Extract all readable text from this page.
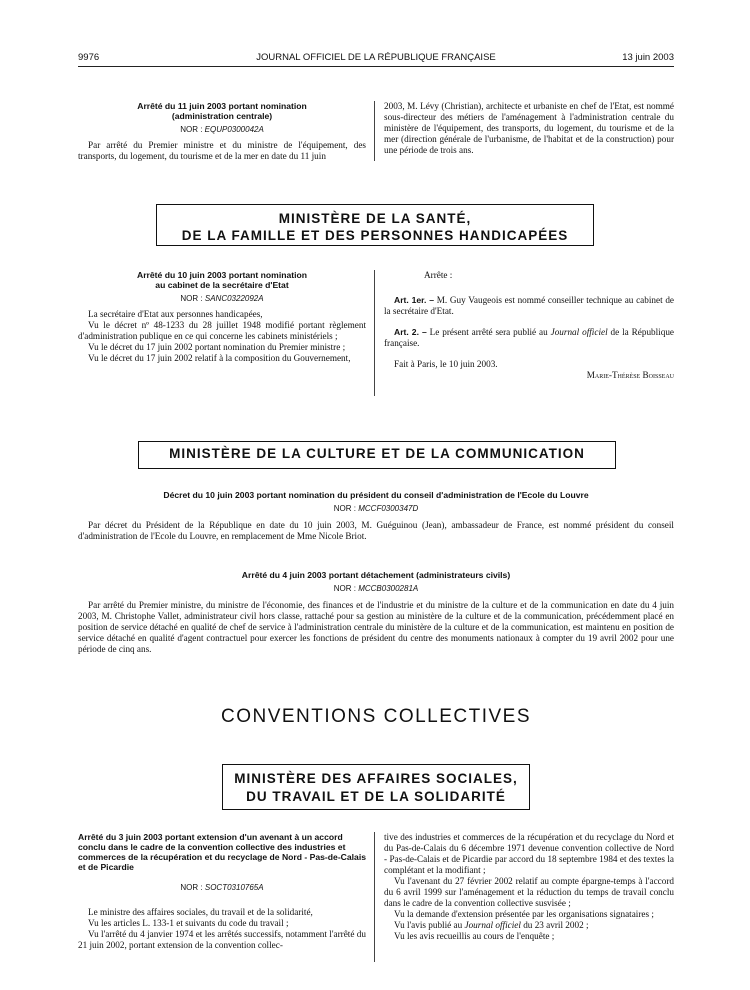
9976	JOURNAL OFFICIEL DE LA RÉPUBLIQUE FRANÇAISE	13 juin 2003
Arrêté du 11 juin 2003 portant nomination (administration centrale)
NOR : EQUP0300042A

Par arrêté du Premier ministre et du ministre de l'équipement, des transports, du logement, du tourisme et de la mer en date du 11 juin

2003, M. Lévy (Christian), architecte et urbaniste en chef de l'Etat, est nommé sous-directeur des métiers de l'aménagement à l'administration centrale du ministère de l'équipement, des transports, du logement, du tourisme et de la mer (direction générale de l'urbanisme, de l'habitat et de la construction) pour une période de trois ans.

MINISTÈRE DE LA SANTÉ,
DE LA FAMILLE ET DES PERSONNES HANDICAPÉES
Arrêté du 10 juin 2003 portant nomination
au cabinet de la secrétaire d'Etat
NOR : SANC0322092A

La secrétaire d'Etat aux personnes handicapées,

Vu le décret nº 48-1233 du 28 juillet 1948 modifié portant règlement d'administration publique en ce qui concerne les cabinets ministériels ;

Vu le décret du 17 juin 2002 portant nomination du Premier ministre ;

Vu le décret du 17 juin 2002 relatif à la composition du Gouvernement,

Arrête :

Art. 1er. – M. Guy Vaugeois est nommé conseiller technique au cabinet de la secrétaire d'Etat.

Art. 2. – Le présent arrêté sera publié au Journal officiel de la République française.

Fait à Paris, le 10 juin 2003.

Marie-Thérèse Boisseau

MINISTÈRE DE LA CULTURE ET DE LA COMMUNICATION
Décret du 10 juin 2003 portant nomination du président du conseil d'administration de l'Ecole du Louvre
NOR : MCCF0300347D

Par décret du Président de la République en date du 10 juin 2003, M. Guéguinou (Jean), ambassadeur de France, est nommé président du conseil d'administration de l'Ecole du Louvre, en remplacement de Mme Nicole Briot.

Arrêté du 4 juin 2003 portant détachement (administrateurs civils)
NOR : MCCB0300281A

Par arrêté du Premier ministre, du ministre de l'économie, des finances et de l'industrie et du ministre de la culture et de la communication en date du 4 juin 2003, M. Christophe Vallet, administrateur civil hors classe, rattaché pour sa gestion au ministère de la culture et de la communication, précédemment placé en position de service détaché en qualité de chef de service à l'administration centrale du ministère de la culture et de la communication, est maintenu en position de service détaché en qualité d'agent contractuel pour exercer les fonctions de président du centre des monuments nationaux à compter du 19 avril 2002 pour une période de cinq ans.

CONVENTIONS COLLECTIVES
MINISTÈRE DES AFFAIRES SOCIALES,
DU TRAVAIL ET DE LA SOLIDARITÉ
Arrêté du 3 juin 2003 portant extension d'un avenant à un accord conclu dans le cadre de la convention collective des industries et commerces de la récupération et du recyclage de Nord - Pas-de-Calais et de Picardie
NOR : SOCT0310765A

Le ministre des affaires sociales, du travail et de la solidarité,

Vu les articles L. 133-1 et suivants du code du travail ;

Vu l'arrêté du 4 janvier 1974 et les arrêtés successifs, notamment l'arrêté du 21 juin 2002, portant extension de la convention collec-

tive des industries et commerces de la récupération et du recyclage du Nord et du Pas-de-Calais du 6 décembre 1971 devenue convention collective de Nord - Pas-de-Calais et de Picardie par accord du 18 septembre 1984 et des textes la complétant et la modifiant ;

Vu l'avenant du 27 février 2002 relatif au compte épargne-temps à l'accord du 6 avril 1999 sur l'aménagement et la réduction du temps de travail conclu dans le cadre de la convention collective susvisée ;

Vu la demande d'extension présentée par les organisations signataires ;

Vu l'avis publié au Journal officiel du 23 avril 2002 ;

Vu les avis recueillis au cours de l'enquête ;
